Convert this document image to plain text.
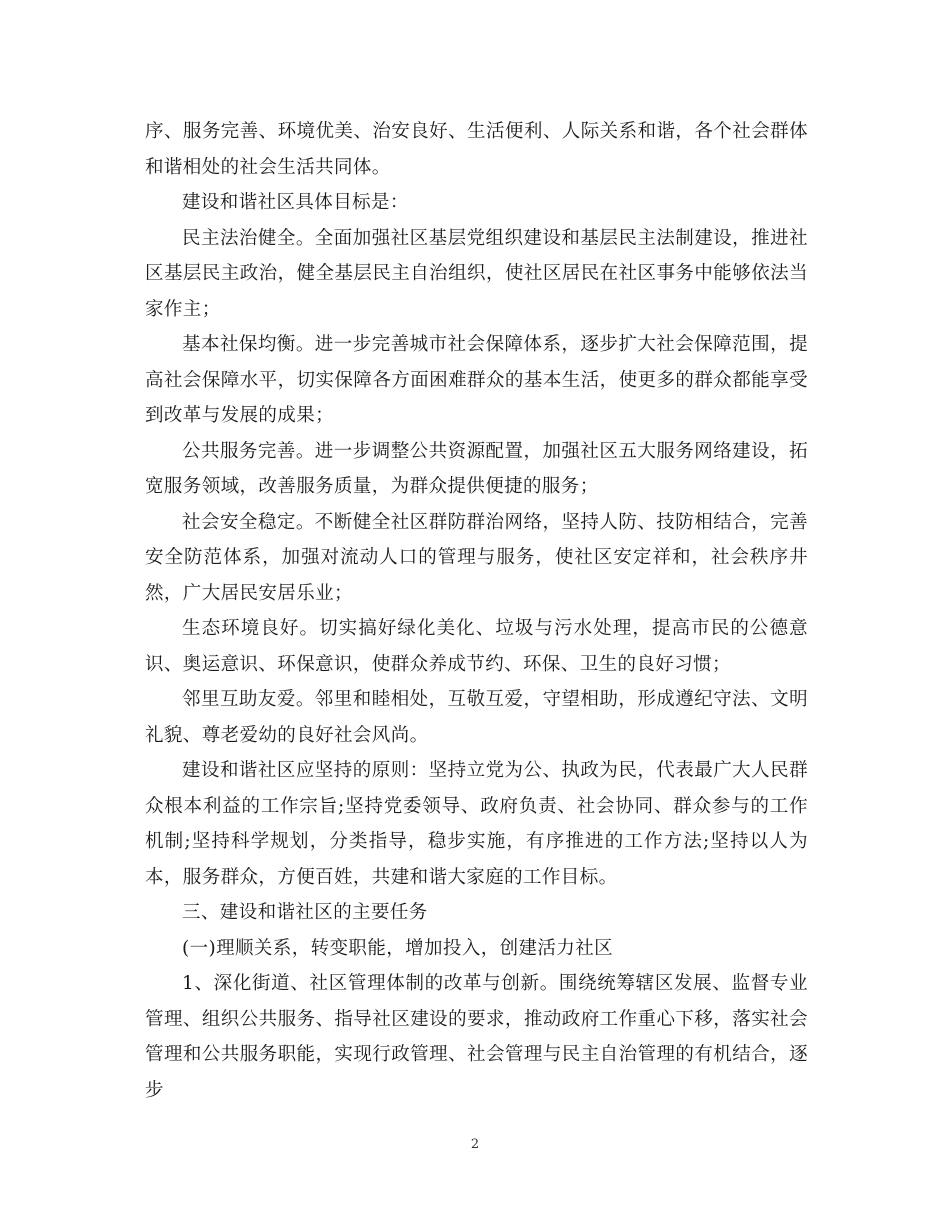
序、服务完善、环境优美、治安良好、生活便利、人际关系和谐，各个社会群体和谐相处的社会生活共同体。

建设和谐社区具体目标是：

民主法治健全。全面加强社区基层党组织建设和基层民主法制建设，推进社区基层民主政治，健全基层民主自治组织，使社区居民在社区事务中能够依法当家作主；

基本社保均衡。进一步完善城市社会保障体系，逐步扩大社会保障范围，提高社会保障水平，切实保障各方面困难群众的基本生活，使更多的群众都能享受到改革与发展的成果；

公共服务完善。进一步调整公共资源配置，加强社区五大服务网络建设，拓宽服务领域，改善服务质量，为群众提供便捷的服务；

社会安全稳定。不断健全社区群防群治网络，坚持人防、技防相结合，完善安全防范体系，加强对流动人口的管理与服务，使社区安定祥和，社会秩序井然，广大居民安居乐业；

生态环境良好。切实搞好绿化美化、垃圾与污水处理，提高市民的公德意识、奥运意识、环保意识，使群众养成节约、环保、卫生的良好习惯；

邻里互助友爱。邻里和睦相处，互敬互爱，守望相助，形成遵纪守法、文明礼貌、尊老爱幼的良好社会风尚。

建设和谐社区应坚持的原则：坚持立党为公、执政为民，代表最广大人民群众根本利益的工作宗旨;坚持党委领导、政府负责、社会协同、群众参与的工作机制;坚持科学规划，分类指导，稳步实施，有序推进的工作方法;坚持以人为本，服务群众，方便百姓，共建和谐大家庭的工作目标。

三、建设和谐社区的主要任务

(一)理顺关系，转变职能，增加投入，创建活力社区

1、深化街道、社区管理体制的改革与创新。围绕统筹辖区发展、监督专业管理、组织公共服务、指导社区建设的要求，推动政府工作重心下移，落实社会管理和公共服务职能，实现行政管理、社会管理与民主自治管理的有机结合，逐步

2
